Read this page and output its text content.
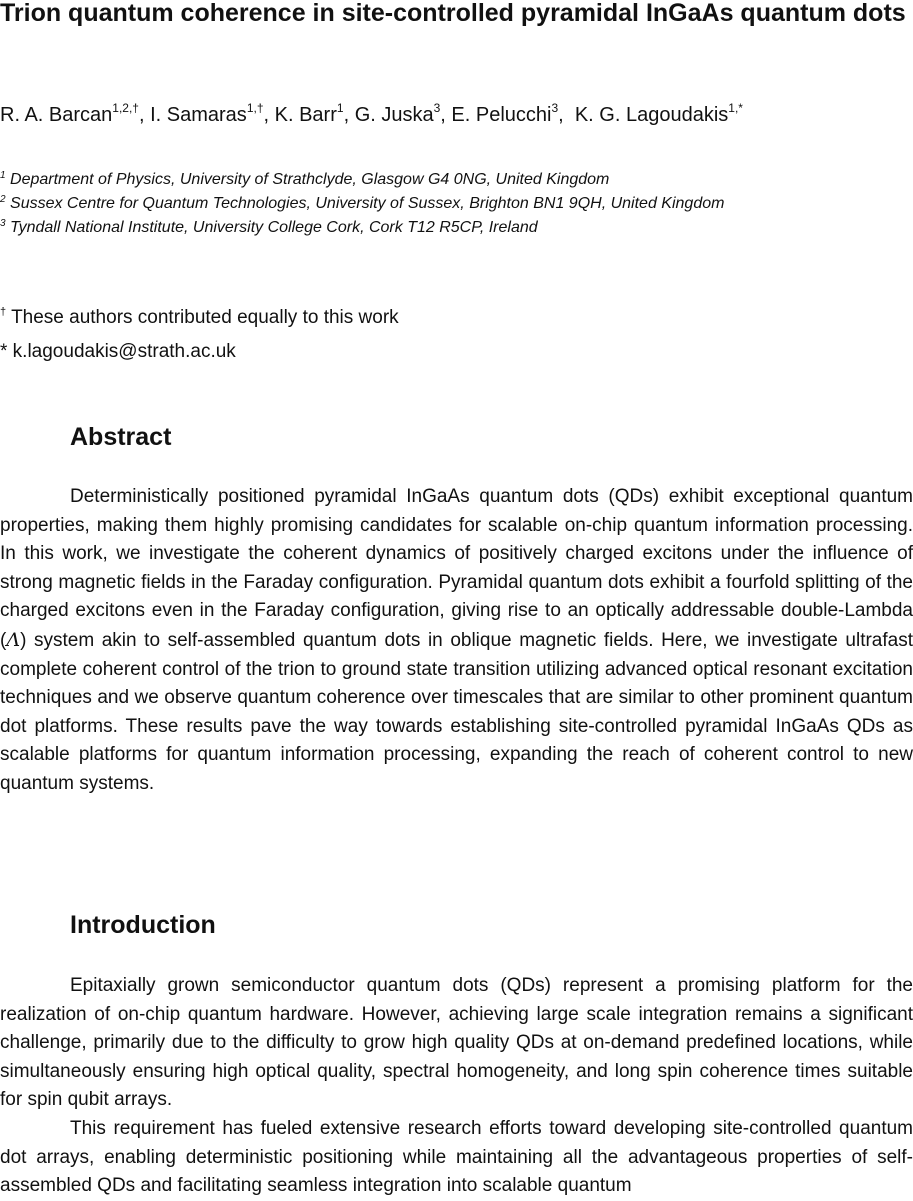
Trion quantum coherence in site-controlled pyramidal InGaAs quantum dots
R. A. Barcan$^{1,2,\dagger}$, I. Samaras$^{1,\dagger}$, K. Barr$^1$, G. Juska$^3$, E. Pelucchi$^3$,  K. G. Lagoudakis$^{1,*}$
$^1$ Department of Physics, University of Strathclyde, Glasgow G4 0NG, United Kingdom
$^2$ Sussex Centre for Quantum Technologies, University of Sussex, Brighton BN1 9QH, United Kingdom
$^3$ Tyndall National Institute, University College Cork, Cork T12 R5CP, Ireland
† These authors contributed equally to this work
* k.lagoudakis@strath.ac.uk
Abstract

Deterministically positioned pyramidal InGaAs quantum dots (QDs) exhibit exceptional quantum properties, making them highly promising candidates for scalable on-chip quantum information processing. In this work, we investigate the coherent dynamics of positively charged excitons under the influence of strong magnetic fields in the Faraday configuration. Pyramidal quantum dots exhibit a fourfold splitting of the charged excitons even in the Faraday configuration, giving rise to an optically addressable double-Lambda (Λ) system akin to self-assembled quantum dots in oblique magnetic fields. Here, we investigate ultrafast complete coherent control of the trion to ground state transition utilizing advanced optical resonant excitation techniques and we observe quantum coherence over timescales that are similar to other prominent quantum dot platforms. These results pave the way towards establishing site-controlled pyramidal InGaAs QDs as scalable platforms for quantum information processing, expanding the reach of coherent control to new quantum systems.

Introduction

Epitaxially grown semiconductor quantum dots (QDs) represent a promising platform for the realization of on-chip quantum hardware. However, achieving large scale integration remains a significant challenge, primarily due to the difficulty to grow high quality QDs at on-demand predefined locations, while simultaneously ensuring high optical quality, spectral homogeneity, and long spin coherence times suitable for spin qubit arrays.

This requirement has fueled extensive research efforts toward developing site-controlled quantum dot arrays, enabling deterministic positioning while maintaining all the advantageous properties of self-assembled QDs and facilitating seamless integration into scalable quantum
